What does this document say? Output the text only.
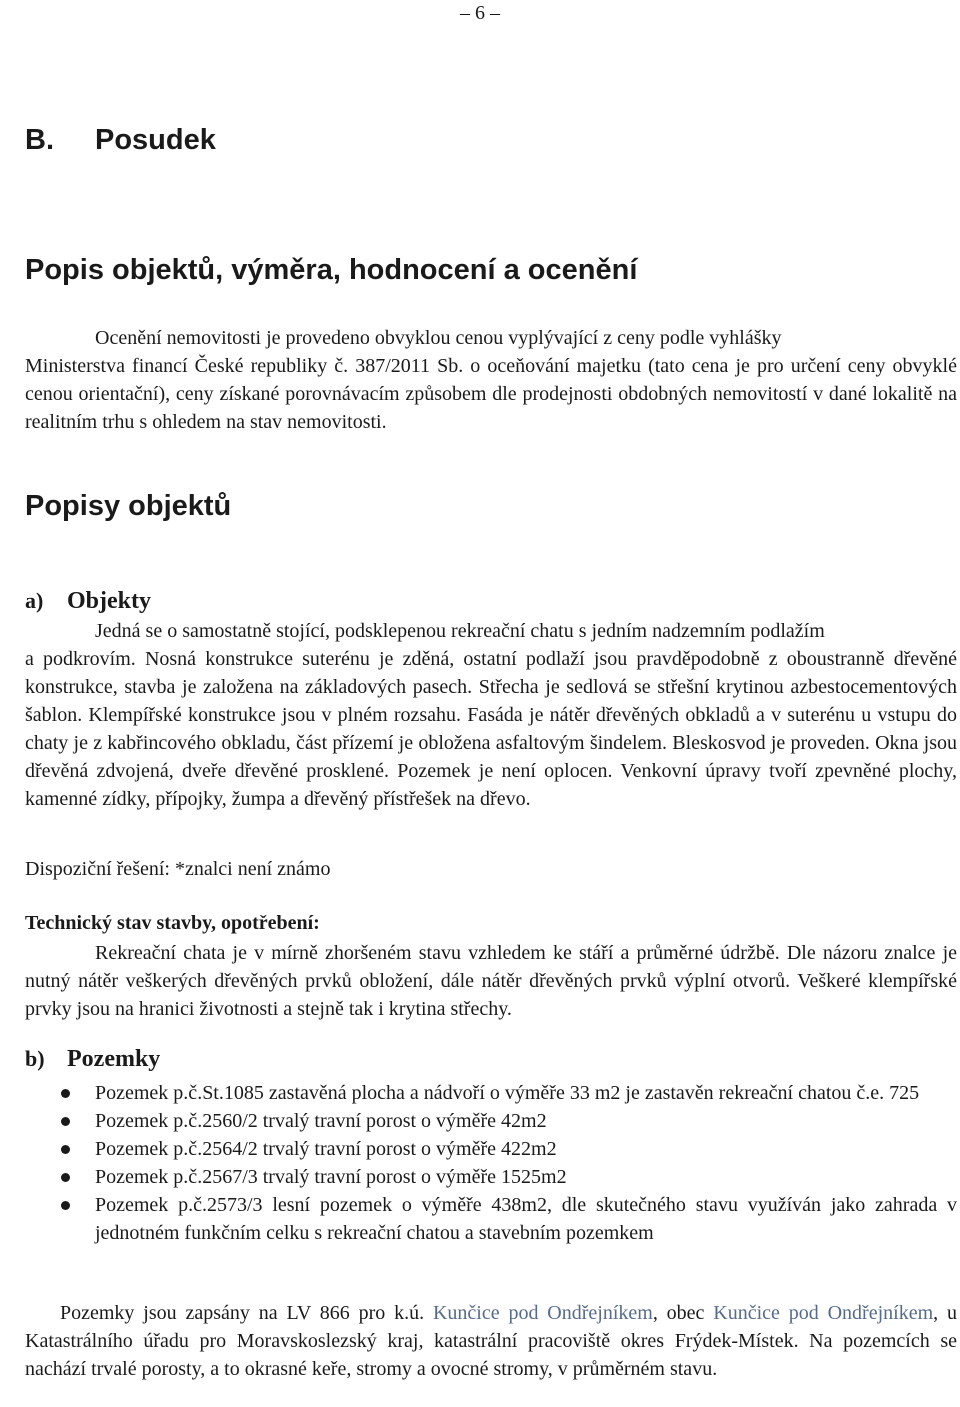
– 6 –
B. Posudek
Popis objektů, výměra, hodnocení a ocenění
Ocenění nemovitosti je provedeno obvyklou cenou vyplývající z ceny podle vyhlášky
Ministerstva financí České republiky č. 387/2011 Sb. o oceňování majetku (tato cena je pro určení ceny obvyklé cenou orientační), ceny získané porovnávacím způsobem dle prodejnosti obdobných nemovitostí v dané lokalitě na realitním trhu s ohledem na stav nemovitosti.
Popisy objektů
a) Objekty
Jedná se o samostatně stojící, podsklepenou rekreační chatu s jedním nadzemním podlažím
a podkrovím. Nosná konstrukce suterénu je zděná, ostatní podlaží jsou pravděpodobně z oboustranně dřevěné konstrukce, stavba je založena na základových pasech. Střecha je sedlová se střešní krytinou azbestocementových šablon. Klempířské konstrukce jsou v plném rozsahu. Fasáda je nátěr dřevěných obkladů a v suterénu u vstupu do chaty je z kabřincového obkladu, část přízemí je obložena asfaltovým šindelem. Bleskosvod je proveden. Okna jsou dřevěná zdvojená, dveře dřevěné prosklené. Pozemek je není oplocen. Venkovní úpravy tvoří zpevněné plochy, kamenné zídky, přípojky, žumpa a dřevěný přístřešek na dřevo.
Dispoziční řešení: *znalci není známo
Technický stav stavby, opotřebení:
Rekreační chata je v mírně zhoršeném stavu vzhledem ke stáří a průměrné údržbě. Dle názoru znalce je nutný nátěr veškerých dřevěných prvků obložení, dále nátěr dřevěných prvků výplní otvorů. Veškeré klempířské prvky jsou na hranici životnosti a stejně tak i krytina střechy.
b) Pozemky
Pozemek p.č.St.1085 zastavěná plocha a nádvoří o výměře 33 m2 je zastavěn rekreační chatou č.e. 725
Pozemek p.č.2560/2 trvalý travní porost o výměře 42m2
Pozemek p.č.2564/2 trvalý travní porost o výměře 422m2
Pozemek p.č.2567/3 trvalý travní porost o výměře 1525m2
Pozemek p.č.2573/3 lesní pozemek o výměře 438m2, dle skutečného stavu využíván jako zahrada v jednotném funkčním celku s rekreační chatou a stavebním pozemkem
Pozemky jsou zapsány na LV 866 pro k.ú. Kunčice pod Ondřejníkem, obec Kunčice pod Ondřejníkem, u Katastrálního úřadu pro Moravskoslezský kraj, katastrální pracoviště okres Frýdek-Místek. Na pozemcích se nachází trvalé porosty, a to okrasné keře, stromy a ovocné stromy, v průměrném stavu.
